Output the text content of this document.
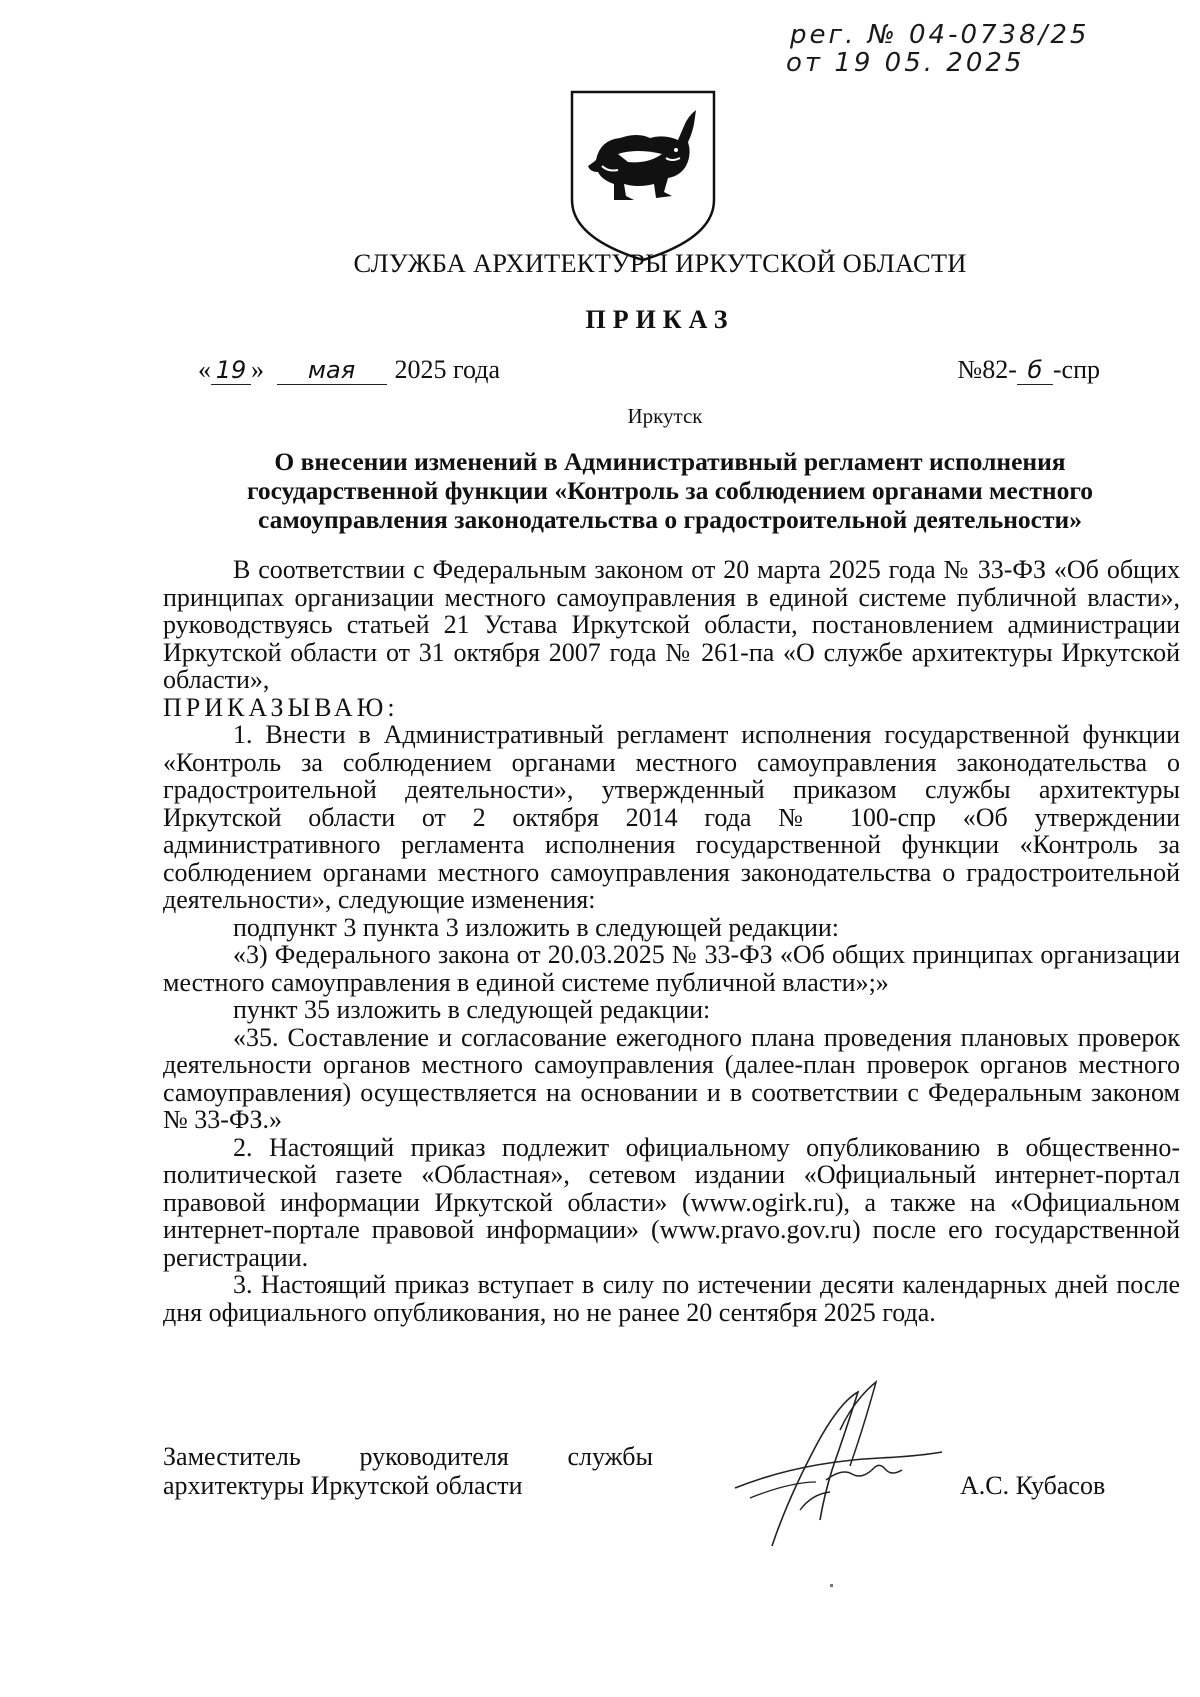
рег. № 04-0738/25
от 19 05. 2025
СЛУЖБА АРХИТЕКТУРЫ ИРКУТСКОЙ ОБЛАСТИ
ПРИКАЗ
« 19 » мая 2025 года	№82- б -спр
Иркутск
О внесении изменений в Административный регламент исполнения
государственной функции «Контроль за соблюдением органами местного
самоуправления законодательства о градостроительной деятельности»

В соответствии с Федеральным законом от 20 марта 2025 года № 33-ФЗ «Об общих принципах организации местного самоуправления в единой системе публичной власти», руководствуясь статьей 21 Устава Иркутской области, постановлением администрации Иркутской области от 31 октября 2007 года № 261-па «О службе архитектуры Иркутской области»,

ПРИКАЗЫВАЮ:

1. Внести в Административный регламент исполнения государственной функции «Контроль за соблюдением органами местного самоуправления законодательства о градостроительной деятельности», утвержденный приказом службы архитектуры Иркутской области от 2 октября 2014 года № 100-спр «Об утверждении административного регламента исполнения государственной функции «Контроль за соблюдением органами местного самоуправления законодательства о градостроительной деятельности», следующие изменения:

подпункт 3 пункта 3 изложить в следующей редакции:

«3) Федерального закона от 20.03.2025 № 33-ФЗ «Об общих принципах организации местного самоуправления в единой системе публичной власти»;»

пункт 35 изложить в следующей редакции:

«35. Составление и согласование ежегодного плана проведения плановых проверок деятельности органов местного самоуправления (далее-план проверок органов местного самоуправления) осуществляется на основании и в соответствии с Федеральным законом № 33-ФЗ.»

2. Настоящий приказ подлежит официальному опубликованию в общественно-политической газете «Областная», сетевом издании «Официальный интернет-портал правовой информации Иркутской области» (www.ogirk.ru), а также на «Официальном интернет-портале правовой информации» (www.pravo.gov.ru) после его государственной регистрации.

3. Настоящий приказ вступает в силу по истечении десяти календарных дней после дня официального опубликования, но не ранее 20 сентября 2025 года.

Заместитель руководителя службы
архитектуры Иркутской области	А.С. Кубасов
